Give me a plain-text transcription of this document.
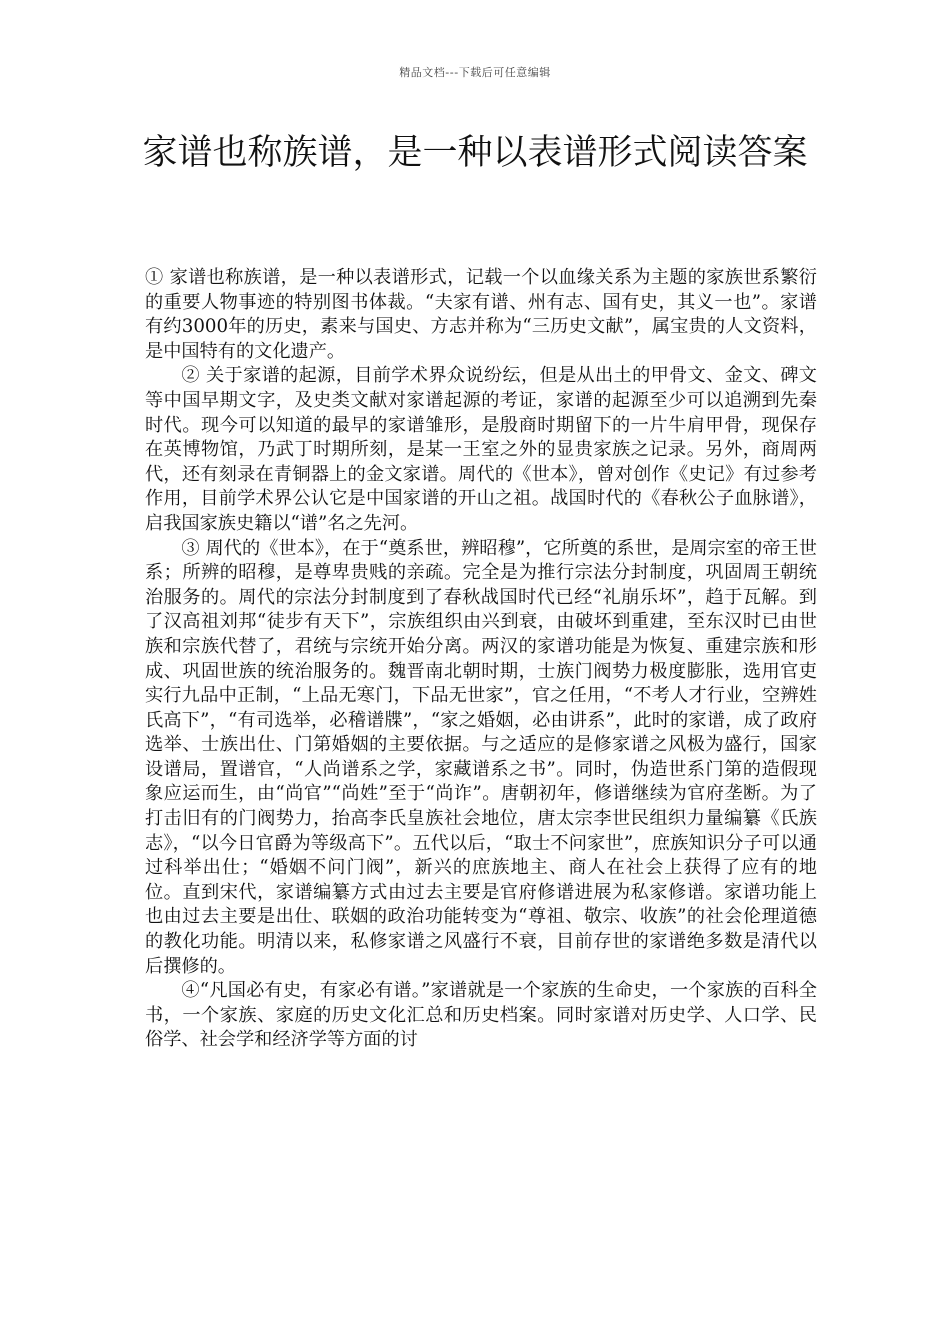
精品文档---下载后可任意编辑
家谱也称族谱，是一种以表谱形式阅读答案

① 家谱也称族谱，是一种以表谱形式，记载一个以血缘关系为主题的家族世系繁衍的重要人物事迹的特别图书体裁。“夫家有谱、州有志、国有史，其义一也”。家谱有约3000年的历史，素来与国史、方志并称为“三历史文献”，属宝贵的人文资料，是中国特有的文化遗产。

② 关于家谱的起源，目前学术界众说纷纭，但是从出土的甲骨文、金文、碑文等中国早期文字，及史类文献对家谱起源的考证，家谱的起源至少可以追溯到先秦时代。现今可以知道的最早的家谱雏形，是殷商时期留下的一片牛肩甲骨，现保存在英博物馆，乃武丁时期所刻，是某一王室之外的显贵家族之记录。另外，商周两代，还有刻录在青铜器上的金文家谱。周代的《世本》，曾对创作《史记》有过参考作用，目前学术界公认它是中国家谱的开山之祖。战国时代的《春秋公子血脉谱》，启我国家族史籍以“谱”名之先河。

③ 周代的《世本》，在于“奠系世，辨昭穆”，它所奠的系世，是周宗室的帝王世系；所辨的昭穆，是尊卑贵贱的亲疏。完全是为推行宗法分封制度，巩固周王朝统治服务的。周代的宗法分封制度到了春秋战国时代已经“礼崩乐坏”，趋于瓦解。到了汉高祖刘邦“徒步有天下”，宗族组织由兴到衰，由破坏到重建，至东汉时已由世族和宗族代替了，君统与宗统开始分离。两汉的家谱功能是为恢复、重建宗族和形成、巩固世族的统治服务的。魏晋南北朝时期，士族门阀势力极度膨胀，选用官吏实行九品中正制，“上品无寒门，下品无世家”，官之任用，“不考人才行业，空辨姓氏高下”，“有司选举，必稽谱牒”，“家之婚姻，必由讲系”，此时的家谱，成了政府选举、士族出仕、门第婚姻的主要依据。与之适应的是修家谱之风极为盛行，国家设谱局，置谱官，“人尚谱系之学，家藏谱系之书”。同时，伪造世系门第的造假现象应运而生，由“尚官”“尚姓”至于“尚诈”。唐朝初年，修谱继续为官府垄断。为了打击旧有的门阀势力，抬高李氏皇族社会地位，唐太宗李世民组织力量编纂《氏族志》，“以今日官爵为等级高下”。五代以后，“取士不问家世”，庶族知识分子可以通过科举出仕；“婚姻不问门阀”，新兴的庶族地主、商人在社会上获得了应有的地位。直到宋代，家谱编纂方式由过去主要是官府修谱进展为私家修谱。家谱功能上也由过去主要是出仕、联姻的政治功能转变为“尊祖、敬宗、收族”的社会伦理道德的教化功能。明清以来，私修家谱之风盛行不衰，目前存世的家谱绝多数是清代以后撰修的。

④“凡国必有史，有家必有谱。”家谱就是一个家族的生命史，一个家族的百科全书，一个家族、家庭的历史文化汇总和历史档案。同时家谱对历史学、人口学、民俗学、社会学和经济学等方面的讨
